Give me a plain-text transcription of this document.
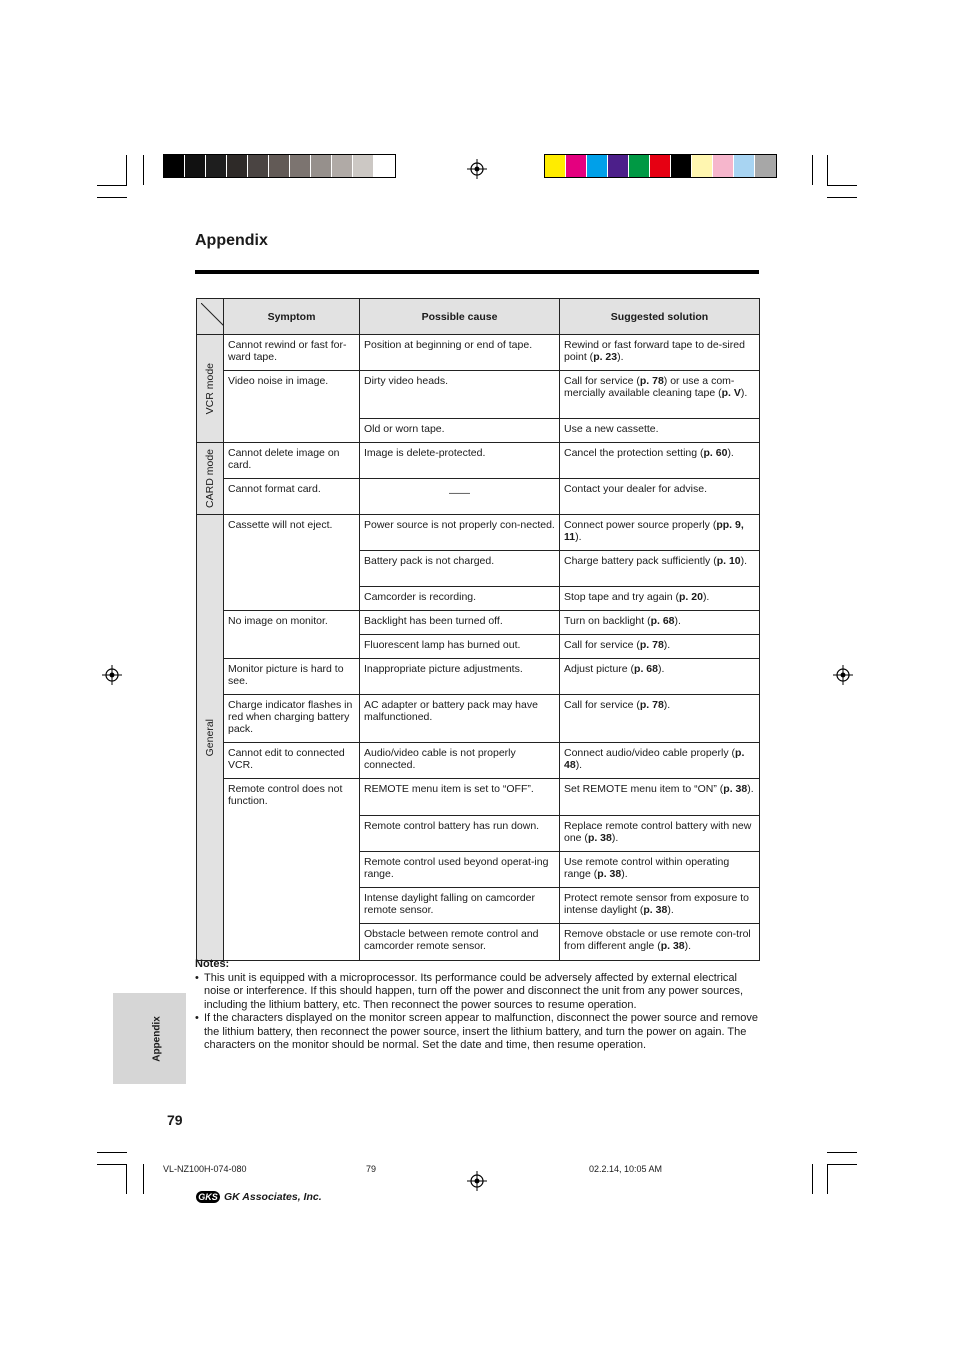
Appendix
	Symptom	Possible cause	Suggested solution

VCR mode	Cannot rewind or fast for-ward tape.	Position at beginning or end of tape.	Rewind or fast forward tape to de-sired point (p. 23).
	Video noise in image.	Dirty video heads.	Call for service (p. 78) or use a com-mercially available cleaning tape (p. V).
		Old or worn tape.	Use a new cassette.

CARD mode	Cannot delete image on card.	Image is delete-protected.	Cancel the protection setting (p. 60).
	Cannot format card.	——	Contact your dealer for advise.

General	Cassette will not eject.	Power source is not properly con-nected.	Connect power source properly (pp. 9, 11).
		Battery pack is not charged.	Charge battery pack sufficiently (p. 10).
		Camcorder is recording.	Stop tape and try again (p. 20).
	No image on monitor.	Backlight has been turned off.	Turn on backlight (p. 68).
		Fluorescent lamp has burned out.	Call for service (p. 78).
	Monitor picture is hard to see.	Inappropriate picture adjustments.	Adjust picture (p. 68).
	Charge indicator flashes in red when charging battery pack.	AC adapter or battery pack may have malfunctioned.	Call for service (p. 78).
	Cannot edit to connected VCR.	Audio/video cable is not properly connected.	Connect audio/video cable properly (p. 48).
	Remote control does not function.	REMOTE menu item is set to “OFF”.	Set REMOTE menu item to “ON” (p. 38).
		Remote control battery has run down.	Replace remote control battery with new one (p. 38).
		Remote control used beyond operat-ing range.	Use remote control within operating range (p. 38).
		Intense daylight falling on camcorder remote sensor.	Protect remote sensor from exposure to intense daylight (p. 38).
		Obstacle between remote control and camcorder remote sensor.	Remove obstacle or use remote con-trol from different angle (p. 38).
Notes:
• This unit is equipped with a microprocessor. Its performance could be adversely affected by external electrical noise or interference. If this should happen, turn off the power and disconnect the unit from any power sources, including the lithium battery, etc. Then reconnect the power sources to resume operation.
• If the characters displayed on the monitor screen appear to malfunction, disconnect the power source and remove the lithium battery, then reconnect the power source, insert the lithium battery, and turn the power on again. The characters on the monitor should be normal. Set the date and time, then resume operation.
Appendix
79
VL-NZ100H-074-080	79	02.2.14, 10:05 AM
GKS GK Associates, Inc.
